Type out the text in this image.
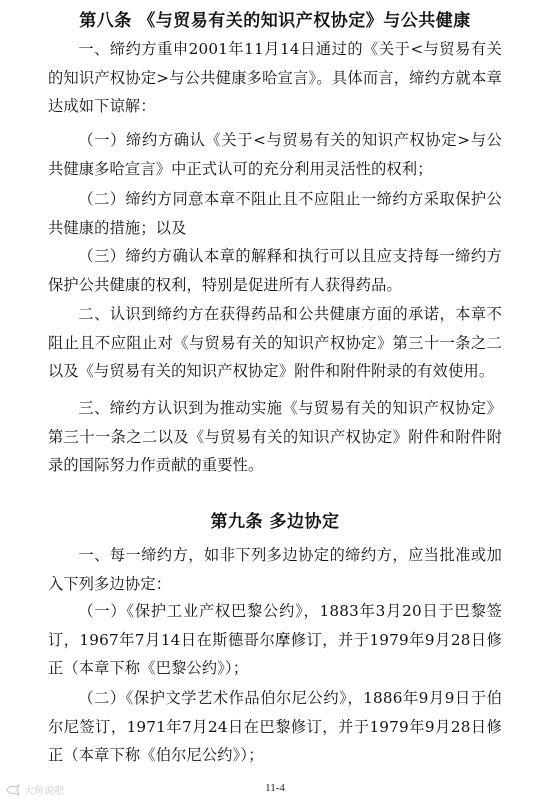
第八条 《与贸易有关的知识产权协定》与公共健康

一、缔约方重申2001年11月14日通过的《关于<与贸易有关的知识产权协定>与公共健康多哈宣言》。具体而言，缔约方就本章达成如下谅解：

（一）缔约方确认《关于<与贸易有关的知识产权协定>与公共健康多哈宣言》中正式认可的充分利用灵活性的权利；

（二）缔约方同意本章不阻止且不应阻止一缔约方采取保护公共健康的措施；以及

（三）缔约方确认本章的解释和执行可以且应支持每一缔约方保护公共健康的权利，特别是促进所有人获得药品。

二、认识到缔约方在获得药品和公共健康方面的承诺，本章不阻止且不应阻止对《与贸易有关的知识产权协定》第三十一条之二以及《与贸易有关的知识产权协定》附件和附件附录的有效使用。

三、缔约方认识到为推动实施《与贸易有关的知识产权协定》第三十一条之二以及《与贸易有关的知识产权协定》附件和附件附录的国际努力作贡献的重要性。

第九条 多边协定

一、每一缔约方，如非下列多边协定的缔约方，应当批准或加入下列多边协定：

（一）《保护工业产权巴黎公约》，1883年3月20日于巴黎签订，1967年7月14日在斯德哥尔摩修订，并于1979年9月28日修正（本章下称《巴黎公约》）；

（二）《保护文学艺术作品伯尔尼公约》，1886年9月9日于伯尔尼签订，1971年7月24日在巴黎修订，并于1979年9月28日修正（本章下称《伯尔尼公约》）；

大鱼说吧	11-4
